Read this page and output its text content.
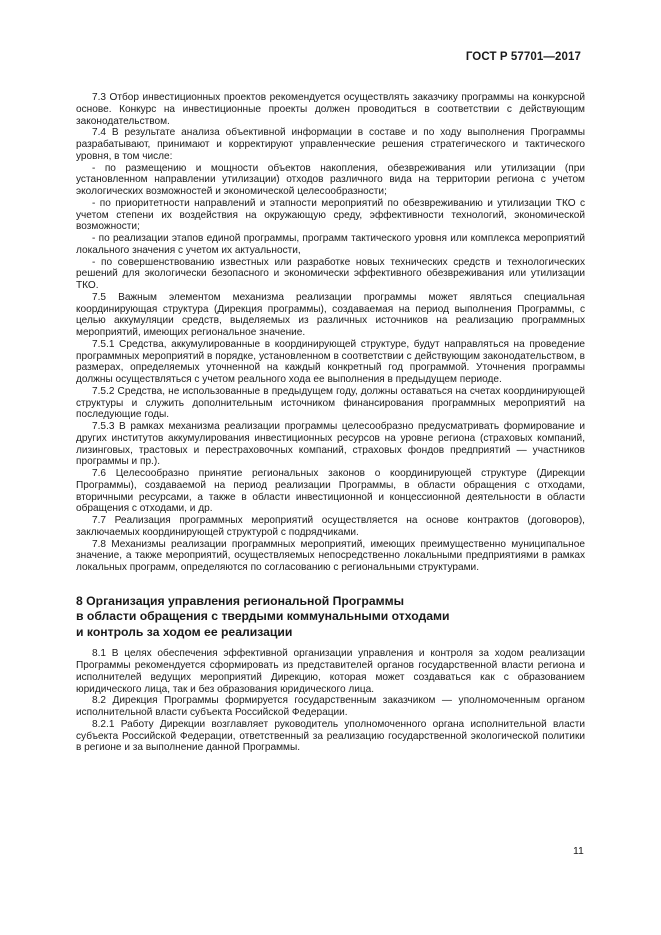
ГОСТ Р 57701—2017

7.3 Отбор инвестиционных проектов рекомендуется осуществлять заказчику программы на конкурсной основе. Конкурс на инвестиционные проекты должен проводиться в соответствии с действующим законодательством.

7.4 В результате анализа объективной информации в составе и по ходу выполнения Программы разрабатывают, принимают и корректируют управленческие решения стратегического и тактического уровня, в том числе:

- по размещению и мощности объектов накопления, обезвреживания или утилизации (при установленном направлении утилизации) отходов различного вида на территории региона с учетом экологических возможностей и экономической целесообразности;

- по приоритетности направлений и этапности мероприятий по обезвреживанию и утилизации ТКО с учетом степени их воздействия на окружающую среду, эффективности технологий, экономической возможности;

- по реализации этапов единой программы, программ тактического уровня или комплекса мероприятий локального значения с учетом их актуальности,

- по совершенствованию известных или разработке новых технических средств и технологических решений для экологически безопасного и экономически эффективного обезвреживания или утилизации ТКО.

7.5 Важным элементом механизма реализации программы может являться специальная координирующая структура (Дирекция программы), создаваемая на период выполнения Программы, с целью аккумуляции средств, выделяемых из различных источников на реализацию программных мероприятий, имеющих региональное значение.

7.5.1 Средства, аккумулированные в координирующей структуре, будут направляться на проведение программных мероприятий в порядке, установленном в соответствии с действующим законодательством, в размерах, определяемых уточненной на каждый конкретный год программой. Уточнения программы должны осуществляться с учетом реального хода ее выполнения в предыдущем периоде.

7.5.2 Средства, не использованные в предыдущем году, должны оставаться на счетах координирующей структуры и служить дополнительным источником финансирования программных мероприятий на последующие годы.

7.5.3 В рамках механизма реализации программы целесообразно предусматривать формирование и других институтов аккумулирования инвестиционных ресурсов на уровне региона (страховых компаний, лизинговых, трастовых и перестраховочных компаний, страховых фондов предприятий — участников программы и пр.).

7.6 Целесообразно принятие региональных законов о координирующей структуре (Дирекции Программы), создаваемой на период реализации Программы, в области обращения с отходами, вторичными ресурсами, а также в области инвестиционной и концессионной деятельности в области обращения с отходами, и др.

7.7 Реализация программных мероприятий осуществляется на основе контрактов (договоров), заключаемых координирующей структурой с подрядчиками.

7.8 Механизмы реализации программных мероприятий, имеющих преимущественно муниципальное значение, а также мероприятий, осуществляемых непосредственно локальными предприятиями в рамках локальных программ, определяются по согласованию с региональными структурами.

8 Организация управления региональной Программы
в области обращения с твердыми коммунальными отходами
и контроль за ходом ее реализации

8.1 В целях обеспечения эффективной организации управления и контроля за ходом реализации Программы рекомендуется сформировать из представителей органов государственной власти региона и исполнителей ведущих мероприятий Дирекцию, которая может создаваться как с образованием юридического лица, так и без образования юридического лица.

8.2 Дирекция Программы формируется государственным заказчиком — уполномоченным органом исполнительной власти субъекта Российской Федерации.

8.2.1 Работу Дирекции возглавляет руководитель уполномоченного органа исполнительной власти субъекта Российской Федерации, ответственный за реализацию государственной экологической политики в регионе и за выполнение данной Программы.

11
